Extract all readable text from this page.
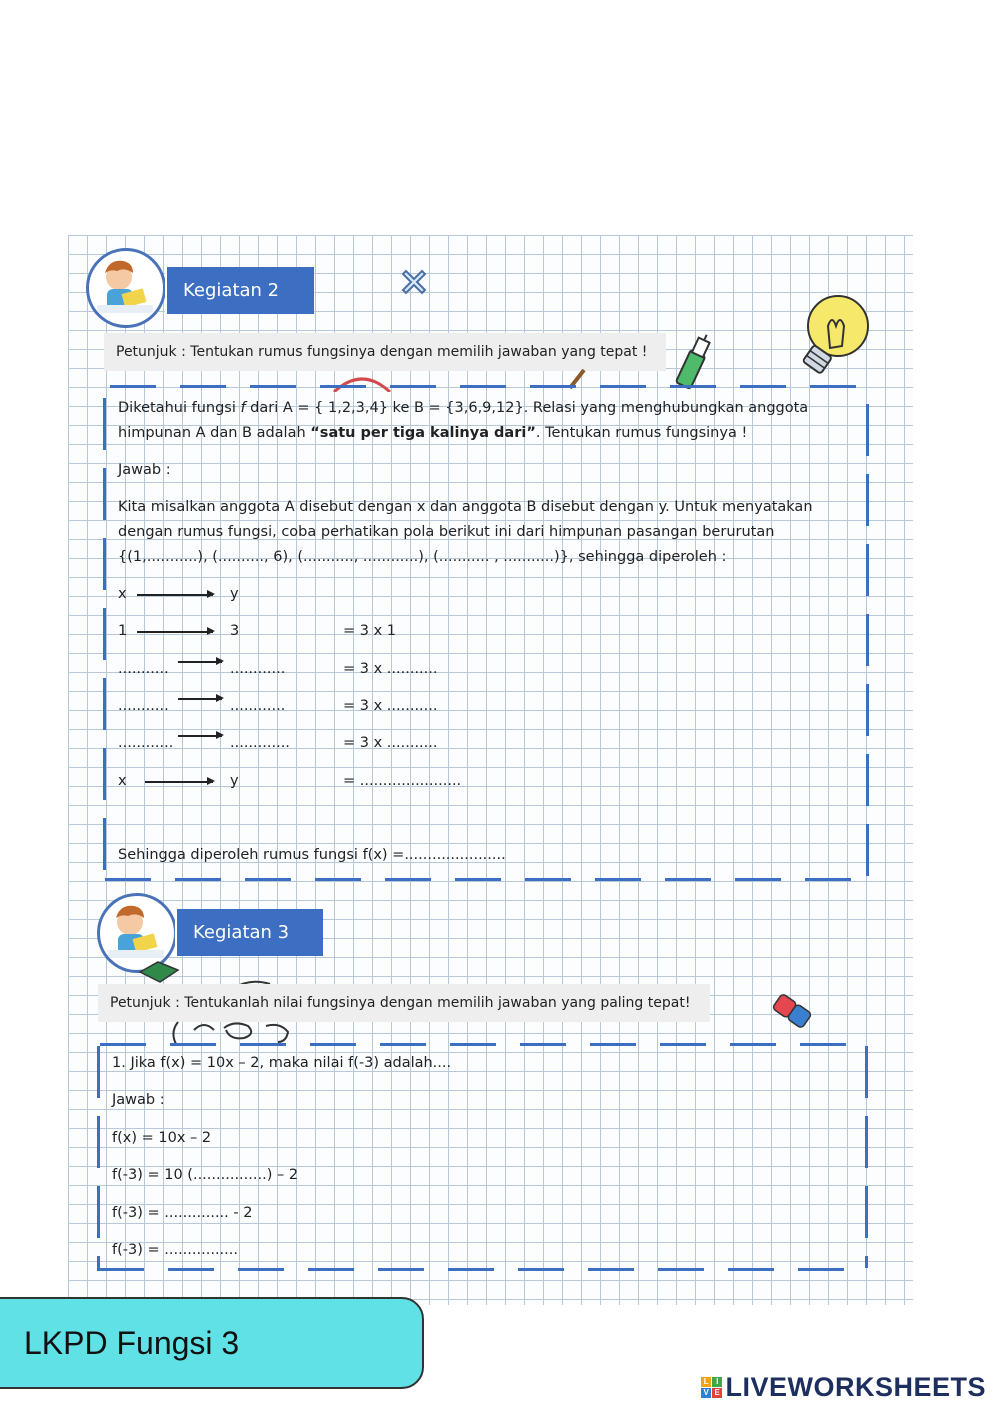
Kegiatan 2
Petunjuk : Tentukan rumus fungsinya dengan memilih jawaban yang tepat !
Diketahui fungsi f dari A = { 1,2,3,4} ke B = {3,6,9,12}. Relasi yang menghubungkan anggota
himpunan A dan B adalah “satu per tiga kalinya dari”. Tentukan rumus fungsinya !
Jawab :
Kita misalkan anggota A disebut dengan x dan anggota B disebut dengan y. Untuk menyatakan
dengan rumus fungsi, coba perhatikan pola berikut ini dari himpunan pasangan berurutan
{(1,...........), (.........., 6), (..........., ............), (........... , ...........)}, sehingga diperoleh :
x	y
1	3	= 3 x 1
...........	............	= 3 x ...........
...........	............	= 3 x ...........
............	.............	= 3 x ...........
x	y	= ......................
Sehingga diperoleh rumus fungsi f(x) =......................
Kegiatan 3
Petunjuk : Tentukanlah nilai fungsinya dengan memilih jawaban yang paling tepat!
1. Jika f(x) = 10x – 2, maka nilai f(-3) adalah....
Jawab :
f(x) = 10x – 2
f(-3) = 10 (................) – 2
f(-3) = .............. - 2
f(-3) = ................
LKPD Fungsi 3
L I
V E LIVEWORKSHEETS
